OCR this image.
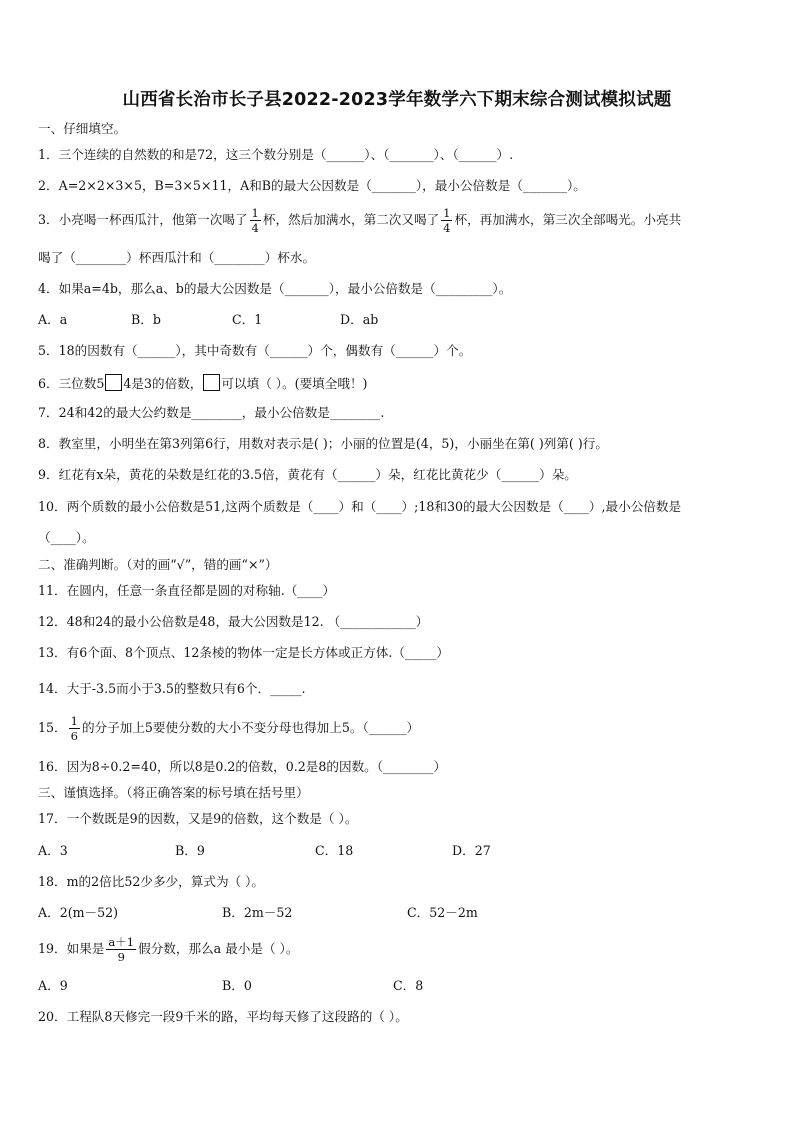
山西省长治市长子县2022-2023学年数学六下期末综合测试模拟试题
一、仔细填空。
1．三个连续的自然数的和是72，这三个数分别是（______）、（_______）、（______）.
2．A=2×2×3×5，B=3×5×11，A和B的最大公因数是（_______），最小公倍数是（_______）。
3．小亮喝一杯西瓜汁，他第一次喝了 $\frac{1}{4}$ 杯，然后加满水，第二次又喝了 $\frac{1}{4}$ 杯，再加满水，第三次全部喝光。小亮共
喝了（________）杯西瓜汁和（________）杯水。
4．如果a=4b，那么a、b的最大公因数是（_______），最小公倍数是（_________）。
A．a	B．b	C．1	D．ab
5．18的因数有（______），其中奇数有（______）个，偶数有（______）个。
6．三位数5 4是3的倍数， 可以填（ ）。(要填全哦！)
7．24和42的最大公约数是________，最小公倍数是________.
8．教室里，小明坐在第3列第6行，用数对表示是( )；小丽的位置是(4，5)，小丽坐在第( )列第( )行。
9．红花有x朵，黄花的朵数是红花的3.5倍，黄花有（______）朵，红花比黄花少（______）朵。
10．两个质数的最小公倍数是51,这两个质数是（____）和（____）;18和30的最大公因数是（____）,最小公倍数是
（____）。
二、准确判断。（对的画“√”，错的画“×”）
11．在圆内，任意一条直径都是圆的对称轴.（____）
12．48和24的最小公倍数是48，最大公因数是12. （____________）
13．有6个面、8个顶点、12条棱的物体一定是长方体或正方体.（_____）
14．大于-3.5而小于3.5的整数只有6个．_____.
15． $\frac{1}{6}$ 的分子加上5要使分数的大小不变分母也得加上5。（______）
16．因为8÷0.2=40，所以8是0.2的倍数，0.2是8的因数。（________）
三、谨慎选择。（将正确答案的标号填在括号里）
17．一个数既是9的因数，又是9的倍数，这个数是（ ）。
A．3	B．9	C．18	D．27
18．m的2倍比52少多少，算式为（ ）。
A．2(m－52)	B．2m－52	C．52－2m
19．如果是 $\frac{a+1}{9}$ 假分数，那么a 最小是（ ）。
A．9	B．0	C．8
20．工程队8天修完一段9千米的路，平均每天修了这段路的（ ）。
